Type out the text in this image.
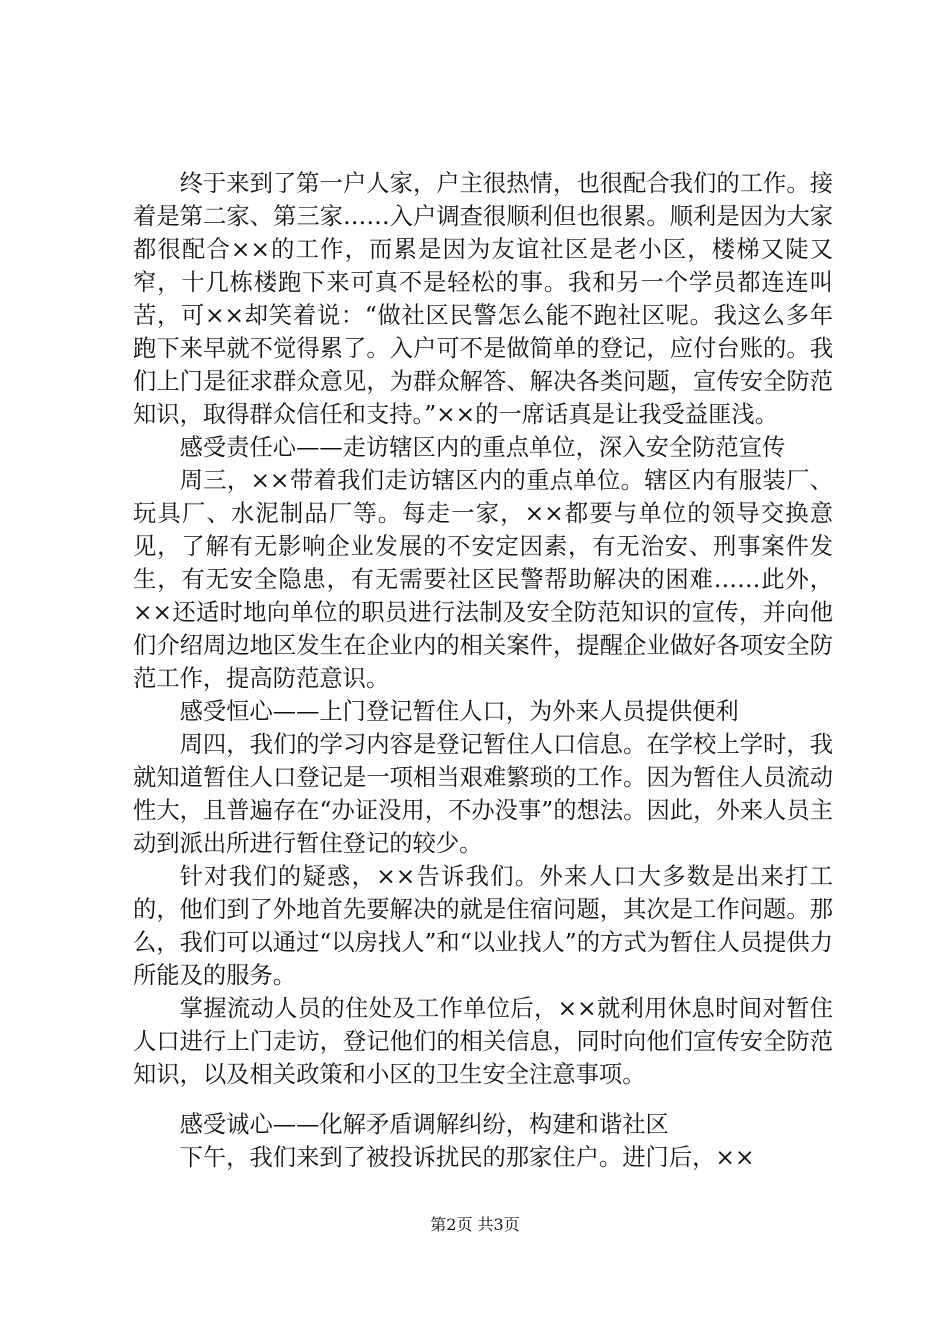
终于来到了第一户人家，户主很热情，也很配合我们的工作。接着是第二家、第三家……入户调查很顺利但也很累。顺利是因为大家都很配合××的工作，而累是因为友谊社区是老小区，楼梯又陡又窄，十几栋楼跑下来可真不是轻松的事。我和另一个学员都连连叫苦，可××却笑着说：“做社区民警怎么能不跑社区呢。我这么多年跑下来早就不觉得累了。入户可不是做简单的登记，应付台账的。我们上门是征求群众意见，为群众解答、解决各类问题，宣传安全防范知识，取得群众信任和支持。”××的一席话真是让我受益匪浅。

感受责任心——走访辖区内的重点单位，深入安全防范宣传

周三，××带着我们走访辖区内的重点单位。辖区内有服装厂、玩具厂、水泥制品厂等。每走一家，××都要与单位的领导交换意见，了解有无影响企业发展的不安定因素，有无治安、刑事案件发生，有无安全隐患，有无需要社区民警帮助解决的困难……此外，××还适时地向单位的职员进行法制及安全防范知识的宣传，并向他们介绍周边地区发生在企业内的相关案件，提醒企业做好各项安全防范工作，提高防范意识。

感受恒心——上门登记暂住人口，为外来人员提供便利

周四，我们的学习内容是登记暂住人口信息。在学校上学时，我就知道暂住人口登记是一项相当艰难繁琐的工作。因为暂住人员流动性大，且普遍存在“办证没用，不办没事”的想法。因此，外来人员主动到派出所进行暂住登记的较少。

针对我们的疑惑，××告诉我们。外来人口大多数是出来打工的，他们到了外地首先要解决的就是住宿问题，其次是工作问题。那么，我们可以通过“以房找人”和“以业找人”的方式为暂住人员提供力所能及的服务。

掌握流动人员的住处及工作单位后，××就利用休息时间对暂住人口进行上门走访，登记他们的相关信息，同时向他们宣传安全防范知识，以及相关政策和小区的卫生安全注意事项。

感受诚心——化解矛盾调解纠纷，构建和谐社区

下午，我们来到了被投诉扰民的那家住户。进门后，××

第2页 共3页
